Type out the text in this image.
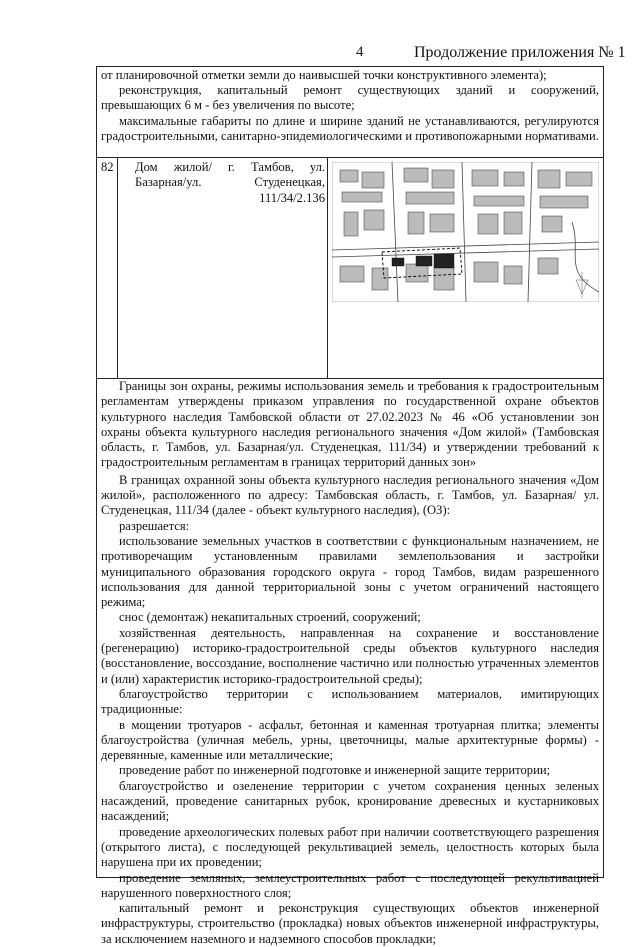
4	Продолжение приложения № 1
от планировочной отметки земли до наивысшей точки конструктивного элемента);
реконструкция, капитальный ремонт существующих зданий и сооружений, превышающих 6 м - без увеличения по высоте;
максимальные габариты по длине и ширине зданий не устанавливаются, регулируются градостроительными, санитарно-эпидемиологическими и противопожарными нормативами.
82 Дом жилой/ г. Тамбов, ул. Базарная/ул. Студенецкая, 111/34/2.136

Границы зон охраны, режимы использования земель и требования к градостроительным регламентам утверждены приказом управления по государственной охране объектов культурного наследия Тамбовской области от 27.02.2023 № 46 «Об установлении зон охраны объекта культурного наследия регионального значения «Дом жилой» (Тамбовская область, г. Тамбов, ул. Базарная/ул. Студенецкая, 111/34) и утверждении требований к градостроительным регламентам в границах территорий данных зон»

В границах охранной зоны объекта культурного наследия регионального значения «Дом жилой», расположенного по адресу: Тамбовская область, г. Тамбов, ул. Базарная/ ул. Студенецкая, 111/34 (далее - объект культурного наследия), (ОЗ):

разрешается:

использование земельных участков в соответствии с функциональным назначением, не противоречащим установленным правилами землепользования и застройки муниципального образования городского округа - город Тамбов, видам разрешенного использования для данной территориальной зоны с учетом ограничений настоящего режима;

снос (демонтаж) некапитальных строений, сооружений;

хозяйственная деятельность, направленная на сохранение и восстановление (регенерацию) историко-градостроительной среды объектов культурного наследия (восстановление, воссоздание, восполнение частично или полностью утраченных элементов и (или) характеристик историко-градостроительной среды);

благоустройство территории с использованием материалов, имитирующих традиционные:

в мощении тротуаров - асфальт, бетонная и каменная тротуарная плитка; элементы благоустройства (уличная мебель, урны, цветочницы, малые архитектурные формы) - деревянные, каменные или металлические;

проведение работ по инженерной подготовке и инженерной защите территории;

благоустройство и озеленение территории с учетом сохранения ценных зеленых насаждений, проведение санитарных рубок, кронирование древесных и кустарниковых насаждений;

проведение археологических полевых работ при наличии соответствующего разрешения (открытого листа), с последующей рекультивацией земель, целостность которых была нарушена при их проведении;

проведение земляных, землеустроительных работ с последующей рекультивацией нарушенного поверхностного слоя;

капитальный ремонт и реконструкция существующих объектов инженерной инфраструктуры, строительство (прокладка) новых объектов инженерной инфраструктуры, за исключением наземного и надземного способов прокладки;
